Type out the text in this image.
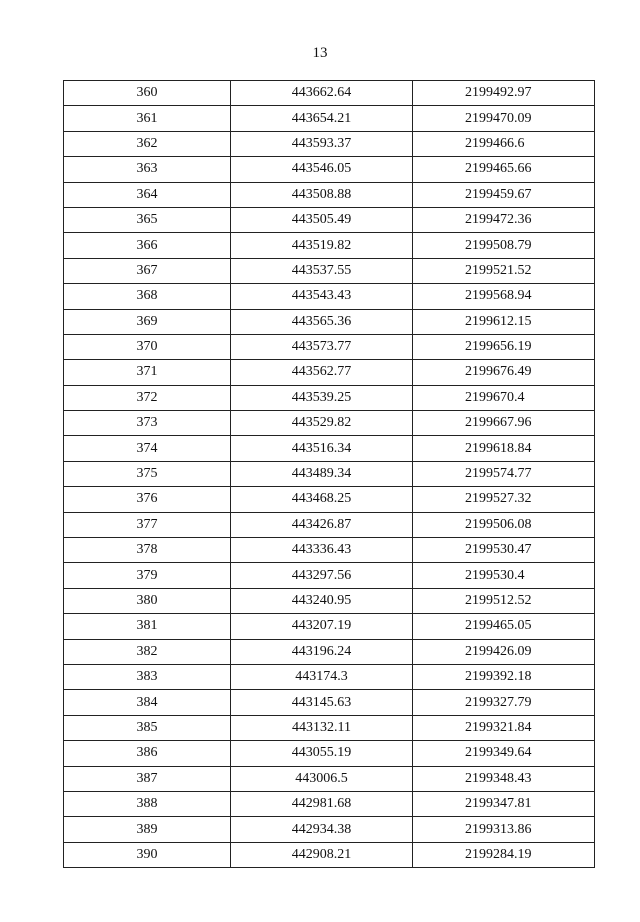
13
360	443662.64	2199492.97
361	443654.21	2199470.09
362	443593.37	2199466.6
363	443546.05	2199465.66
364	443508.88	2199459.67
365	443505.49	2199472.36
366	443519.82	2199508.79
367	443537.55	2199521.52
368	443543.43	2199568.94
369	443565.36	2199612.15
370	443573.77	2199656.19
371	443562.77	2199676.49
372	443539.25	2199670.4
373	443529.82	2199667.96
374	443516.34	2199618.84
375	443489.34	2199574.77
376	443468.25	2199527.32
377	443426.87	2199506.08
378	443336.43	2199530.47
379	443297.56	2199530.4
380	443240.95	2199512.52
381	443207.19	2199465.05
382	443196.24	2199426.09
383	443174.3	2199392.18
384	443145.63	2199327.79
385	443132.11	2199321.84
386	443055.19	2199349.64
387	443006.5	2199348.43
388	442981.68	2199347.81
389	442934.38	2199313.86
390	442908.21	2199284.19
